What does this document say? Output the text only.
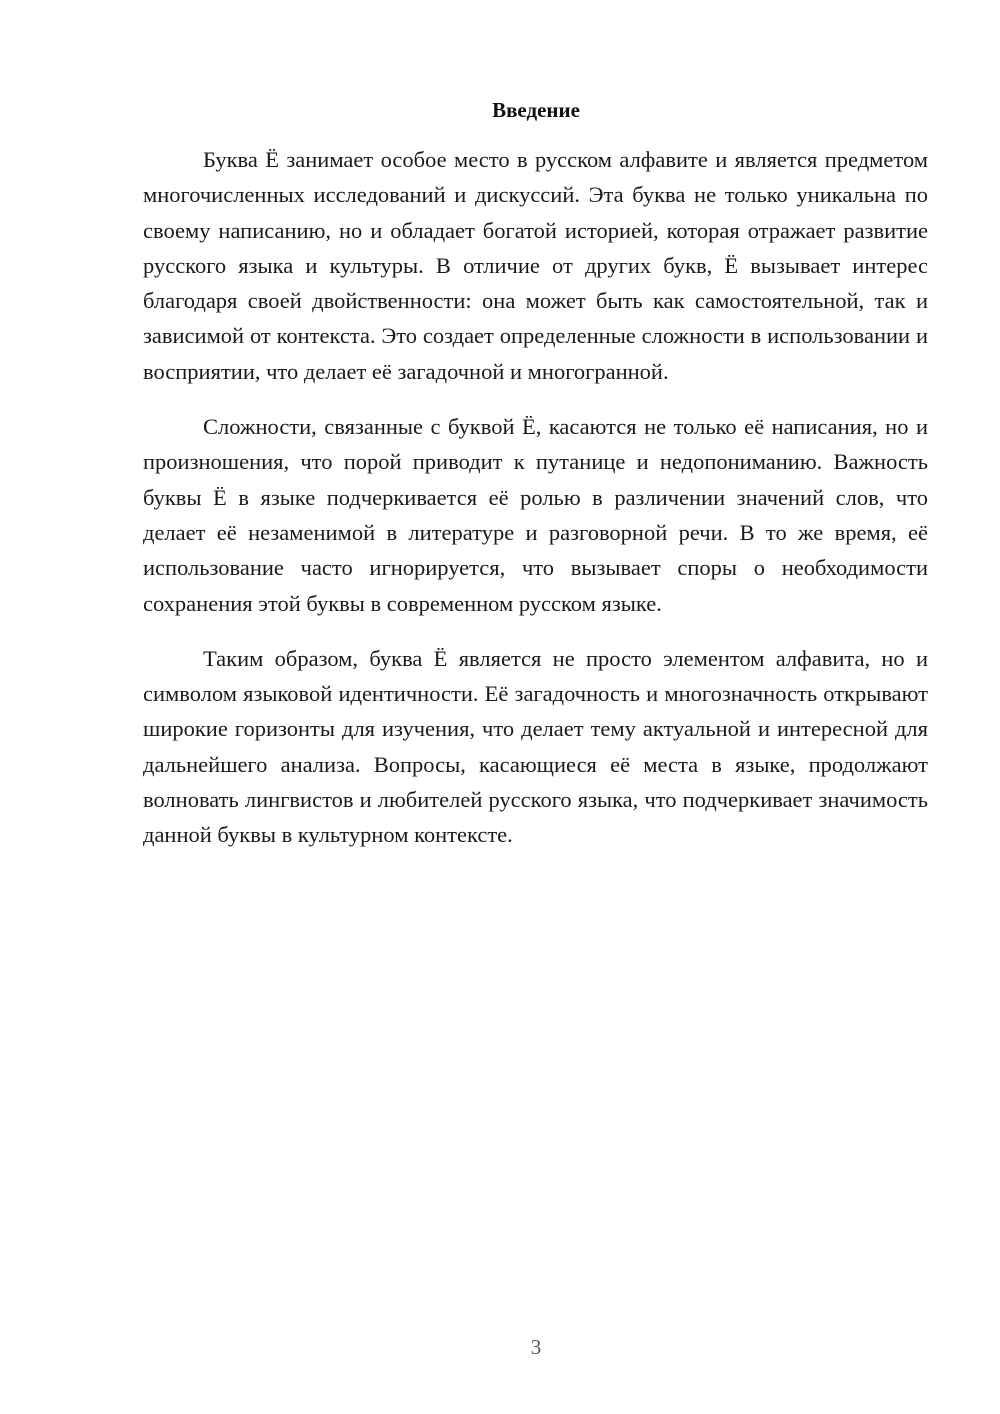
Введение

Буква Ё занимает особое место в русском алфавите и является предметом многочисленных исследований и дискуссий. Эта буква не только уникальна по своему написанию, но и обладает богатой историей, которая отражает развитие русского языка и культуры. В отличие от других букв, Ё вызывает интерес благодаря своей двойственности: она может быть как самостоятельной, так и зависимой от контекста. Это создает определенные сложности в использовании и восприятии, что делает её загадочной и многогранной.

Сложности, связанные с буквой Ё, касаются не только её написания, но и произношения, что порой приводит к путанице и недопониманию. Важность буквы Ё в языке подчеркивается её ролью в различении значений слов, что делает её незаменимой в литературе и разговорной речи. В то же время, её использование часто игнорируется, что вызывает споры о необходимости сохранения этой буквы в современном русском языке.

Таким образом, буква Ё является не просто элементом алфавита, но и символом языковой идентичности. Её загадочность и многозначность открывают широкие горизонты для изучения, что делает тему актуальной и интересной для дальнейшего анализа. Вопросы, касающиеся её места в языке, продолжают волновать лингвистов и любителей русского языка, что подчеркивает значимость данной буквы в культурном контексте.

3
